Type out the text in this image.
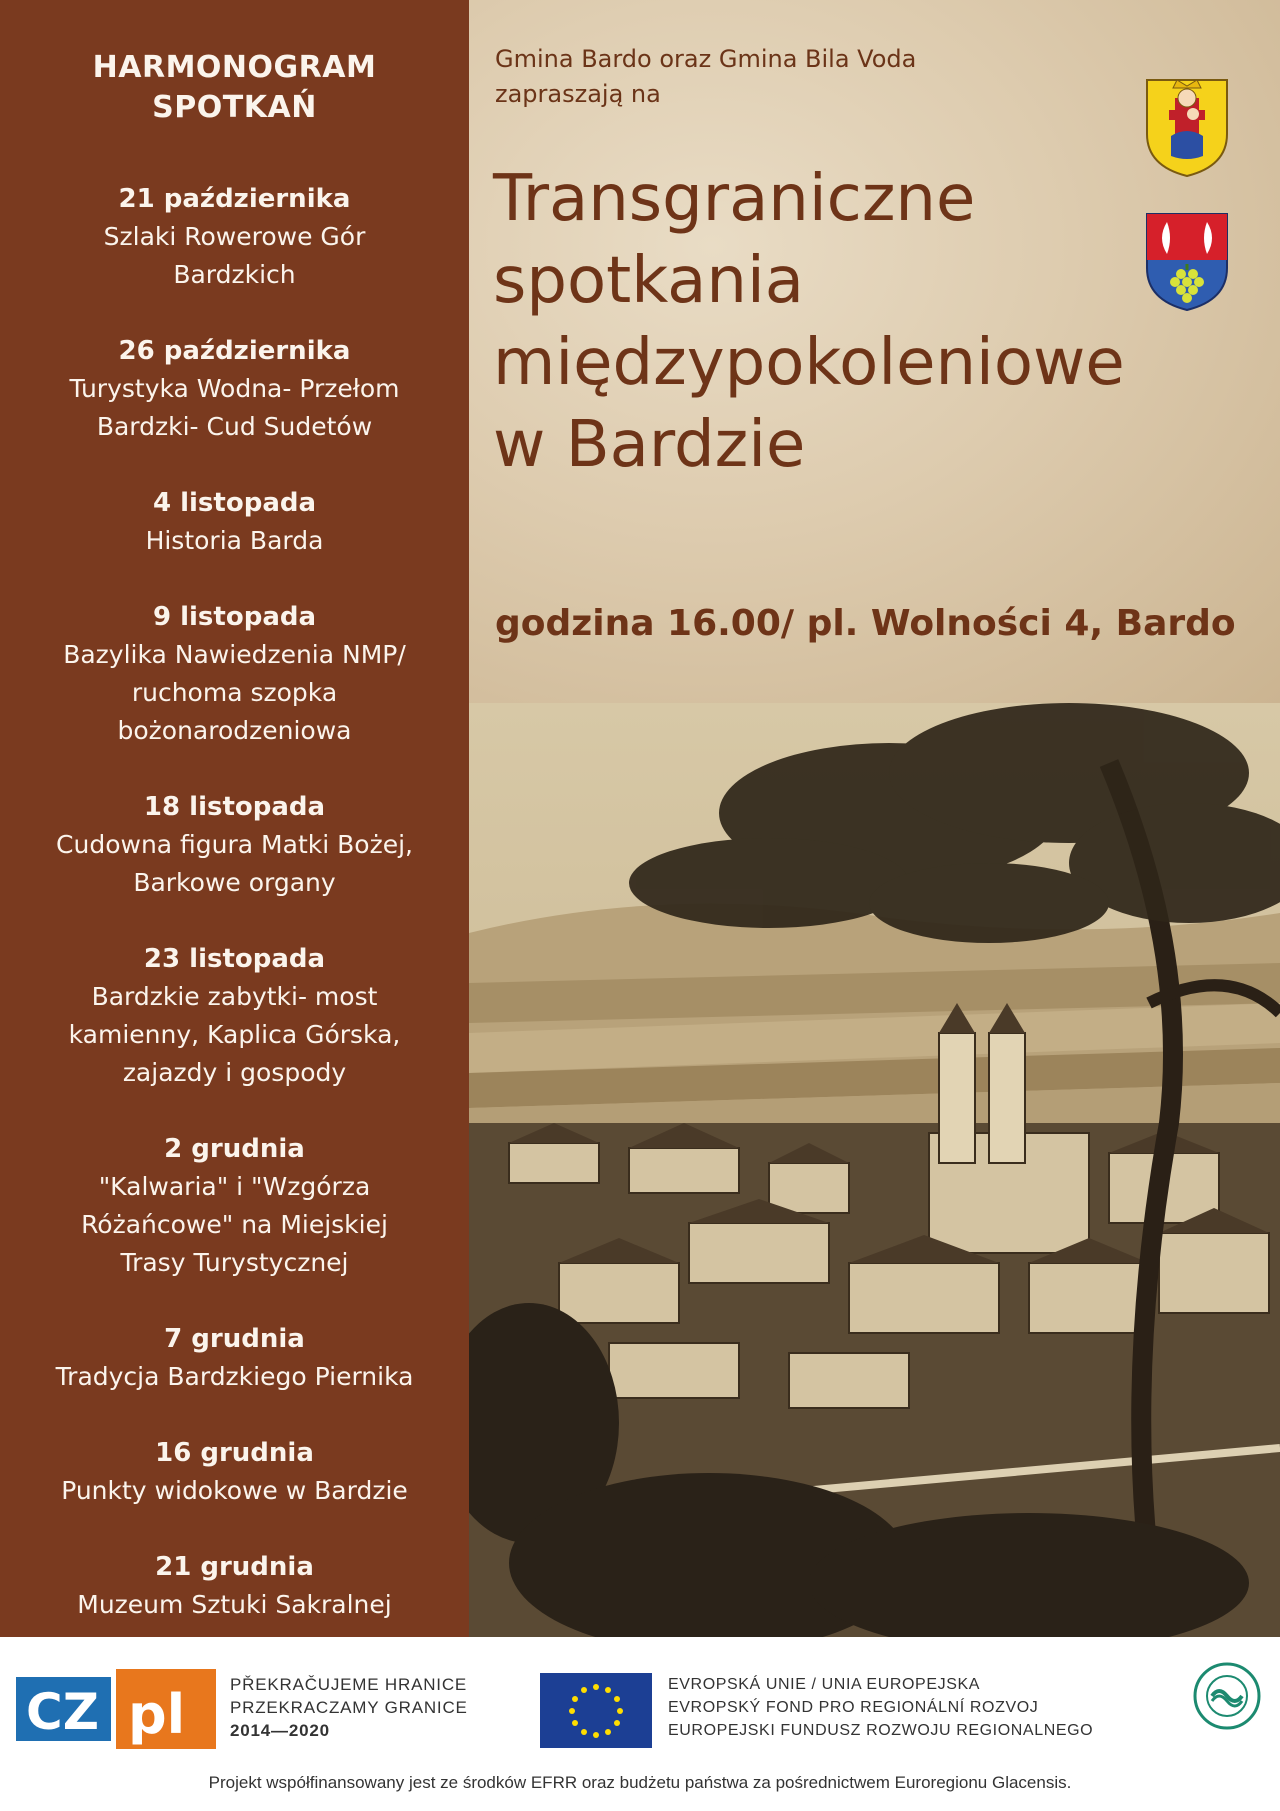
HARMONOGRAM
SPOTKAŃ
21 października
Szlaki Rowerowe Gór
Bardzkich
26 października
Turystyka Wodna- Przełom
Bardzki- Cud Sudetów
4 listopada
Historia Barda
9 listopada
Bazylika Nawiedzenia NMP/
ruchoma szopka
bożonarodzeniowa
18 listopada
Cudowna figura Matki Bożej,
Barkowe organy
23 listopada
Bardzkie zabytki- most
kamienny, Kaplica Górska,
zajazdy i gospody
2 grudnia
"Kalwaria" i "Wzgórza
Różańcowe" na Miejskiej
Trasy Turystycznej
7 grudnia
Tradycja Bardzkiego Piernika
16 grudnia
Punkty widokowe w Bardzie
21 grudnia
Muzeum Sztuki Sakralnej
Gmina Bardo oraz Gmina Bila Voda
zapraszają na
Transgraniczne
spotkania
międzypokoleniowe
w Bardzie
godzina 16.00/ pl. Wolności 4, Bardo
CZ pl	PŘEKRAČUJEME HRANICE
PRZEKRACZAMY GRANICE
2014—2020
EVROPSKÁ UNIE / UNIA EUROPEJSKA
EVROPSKÝ FOND PRO REGIONÁLNÍ ROZVOJ
EUROPEJSKI FUNDUSZ ROZWOJU REGIONALNEGO
Projekt współfinansowany jest ze środków EFRR oraz budżetu państwa za pośrednictwem Euroregionu Glacensis.
